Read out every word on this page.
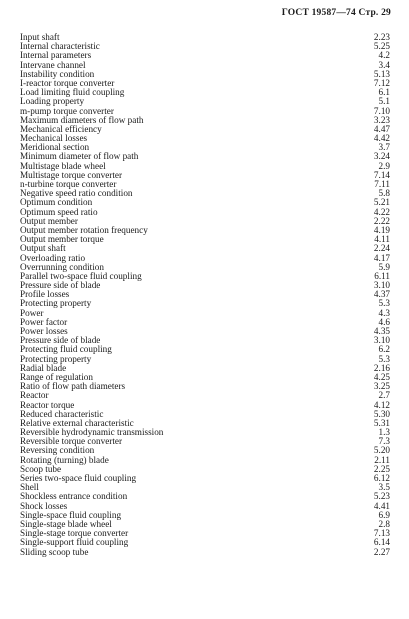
ГОСТ 19587—74 Стр. 29
Input shaft	2.23
Internal characteristic	5.25
Internal parameters	4.2
Intervane channel	3.4
Instability condition	5.13
I-reactor torque converter	7.12
Load limiting fluid coupling	6.1
Loading property	5.1
m-pump torque converter	7.10
Maximum diameters of flow path	3.23
Mechanical efficiency	4.47
Mechanical losses	4.42
Meridional section	3.7
Minimum diameter of flow path	3.24
Multistage blade wheel	2.9
Multistage torque converter	7.14
n-turbine torque converter	7.11
Negative speed ratio condition	5.8
Optimum condition	5.21
Optimum speed ratio	4.22
Output member	2.22
Output member rotation frequency	4.19
Output member torque	4.11
Output shaft	2.24
Overloading ratio	4.17
Overrunning condition	5.9
Parallel two-space fluid coupling	6.11
Pressure side of blade	3.10
Profile losses	4.37
Protecting property	5.3
Power	4.3
Power factor	4.6
Power losses	4.35
Pressure side of blade	3.10
Protecting fluid coupling	6.2
Protecting property	5.3
Radial blade	2.16
Range of regulation	4.25
Ratio of flow path diameters	3.25
Reactor	2.7
Reactor torque	4.12
Reduced characteristic	5.30
Relative external characteristic	5.31
Reversible hydrodynamic transmission	1.3
Reversible torque converter	7.3
Reversing condition	5.20
Rotating (turning) blade	2.11
Scoop tube	2.25
Series two-space fluid coupling	6.12
Shell	3.5
Shockless entrance condition	5.23
Shock losses	4.41
Single-space fluid coupling	6.9
Single-stage blade wheel	2.8
Single-stage torque converter	7.13
Single-support fluid coupling	6.14
Sliding scoop tube	2.27
